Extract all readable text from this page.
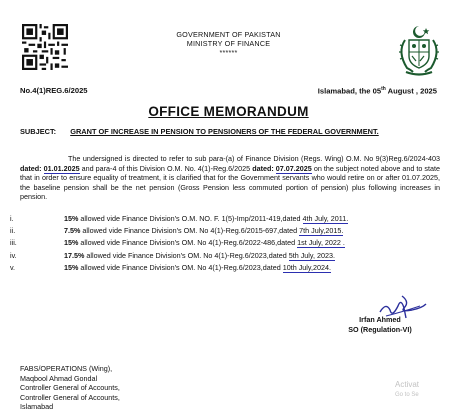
GOVERNMENT OF PAKISTAN
MINISTRY OF FINANCE
******
No.4(1)REG.6/2025	Islamabad, the 05th August , 2025
OFFICE MEMORANDUM
SUBJECT: GRANT OF INCREASE IN PENSION TO PENSIONERS OF THE FEDERAL GOVERNMENT.
The undersigned is directed to refer to sub para-(a) of Finance Division (Regs. Wing) O.M. No 9(3)Reg.6/2024-403 dated: 01.01.2025 and para-4 of this Division O.M. No. 4(1)-Reg.6/2025 dated: 07.07.2025 on the subject noted above and to state that in order to ensure equality of treatment, it is clarified that for the Government servants who would retire on or after 01.07.2025, the baseline pension shall be the net pension (Gross Pension less commuted portion of pension) plus following increases in pension.
i.	15% allowed vide Finance Division's O.M. NO. F. 1(5)-Imp/2011-419,dated 4th July, 2011.
ii.	7.5% allowed vide Finance Division's OM. No 4(1)-Reg.6/2015-697,dated 7th July,2015.
iii.	15% allowed vide Finance Division's OM. No 4(1)-Reg.6/2022-486,dated 1st July, 2022 .
iv.	17.5% allowed vide Finance Division's OM. No 4(1)-Reg.6/2023,dated 5th July, 2023.
v.	15% allowed vide Finance Division's OM. No 4(1)-Reg.6/2023,dated 10th July,2024.
Irfan Ahmed
SO (Regulation-VI)
FABS/OPERATIONS (Wing),
Maqbool Ahmad Gondal
Controller General of Accounts,
Controller General of Accounts,
Islamabad
Activat
Go to Se
